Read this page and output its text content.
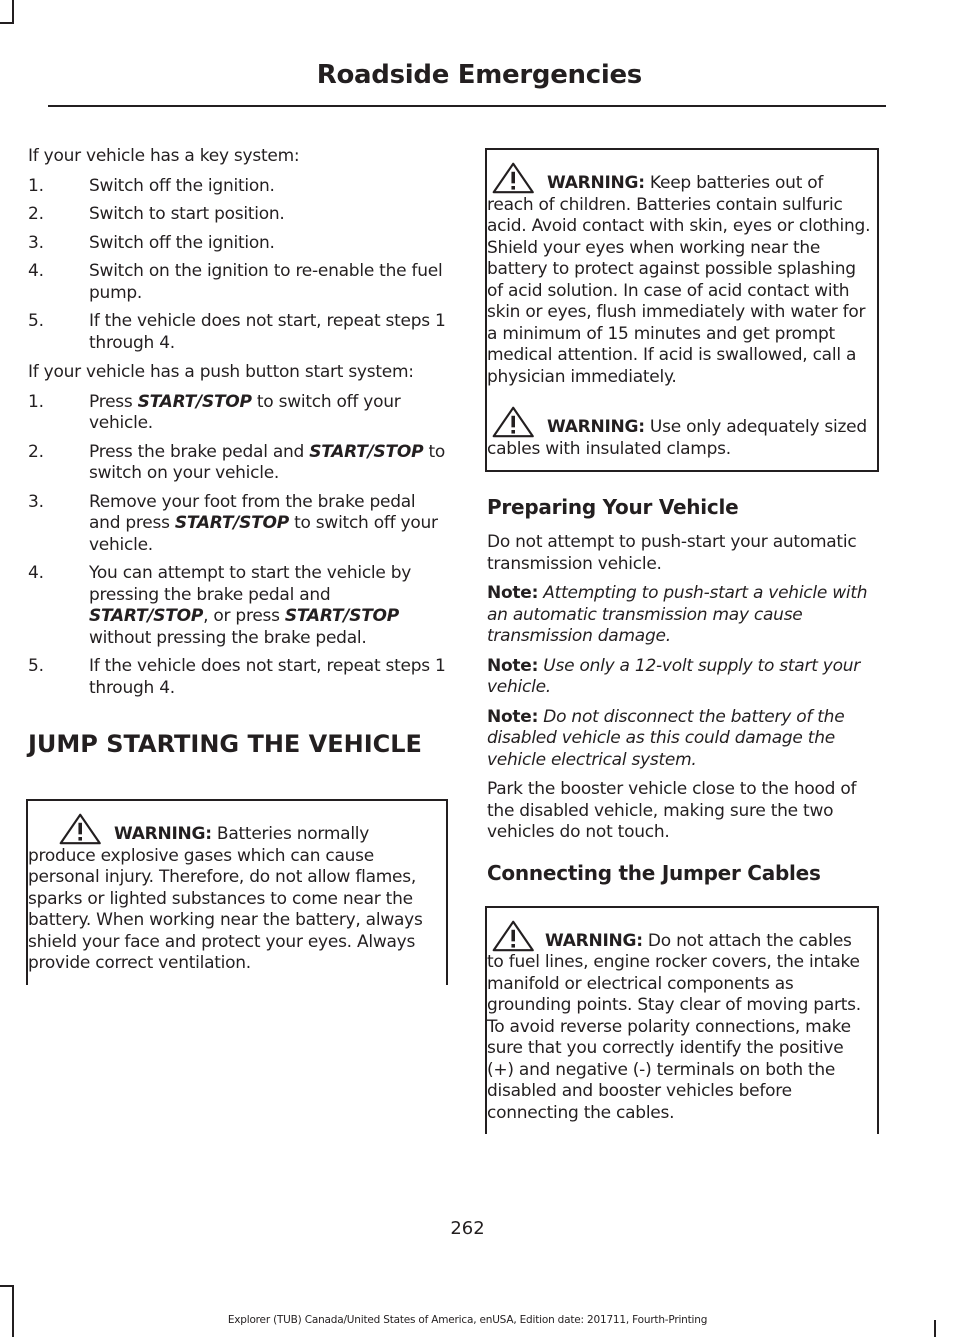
Roadside Emergencies

If your vehicle has a key system:

1.	Switch off the ignition.
2.	Switch to start position.
3.	Switch off the ignition.
4.	Switch on the ignition to re-enable the fuel pump.
5.	If the vehicle does not start, repeat steps 1 through 4.

If your vehicle has a push button start system:

1.	Press START/STOP to switch off your vehicle.
2.	Press the brake pedal and START/STOP to switch on your vehicle.
3.	Remove your foot from the brake pedal and press START/STOP to switch off your vehicle.
4.	You can attempt to start the vehicle by pressing the brake pedal and START/STOP, or press START/STOP without pressing the brake pedal.
5.	If the vehicle does not start, repeat steps 1 through 4.
JUMP STARTING THE VEHICLE
WARNING: Batteries normally produce explosive gases which can cause personal injury. Therefore, do not allow flames, sparks or lighted substances to come near the battery. When working near the battery, always shield your face and protect your eyes. Always provide correct ventilation.
WARNING: Keep batteries out of reach of children. Batteries contain sulfuric acid. Avoid contact with skin, eyes or clothing. Shield your eyes when working near the battery to protect against possible splashing of acid solution. In case of acid contact with skin or eyes, flush immediately with water for a minimum of 15 minutes and get prompt medical attention. If acid is swallowed, call a physician immediately.
WARNING: Use only adequately sized cables with insulated clamps.
Preparing Your Vehicle

Do not attempt to push-start your automatic transmission vehicle.

Note: Attempting to push-start a vehicle with an automatic transmission may cause transmission damage.

Note: Use only a 12-volt supply to start your vehicle.

Note: Do not disconnect the battery of the disabled vehicle as this could damage the vehicle electrical system.

Park the booster vehicle close to the hood of the disabled vehicle, making sure the two vehicles do not touch.

Connecting the Jumper Cables
WARNING: Do not attach the cables to fuel lines, engine rocker covers, the intake manifold or electrical components as grounding points. Stay clear of moving parts. To avoid reverse polarity connections, make sure that you correctly identify the positive (+) and negative (-) terminals on both the disabled and booster vehicles before connecting the cables.
262
Explorer (TUB) Canada/United States of America, enUSA, Edition date: 201711, Fourth-Printing
